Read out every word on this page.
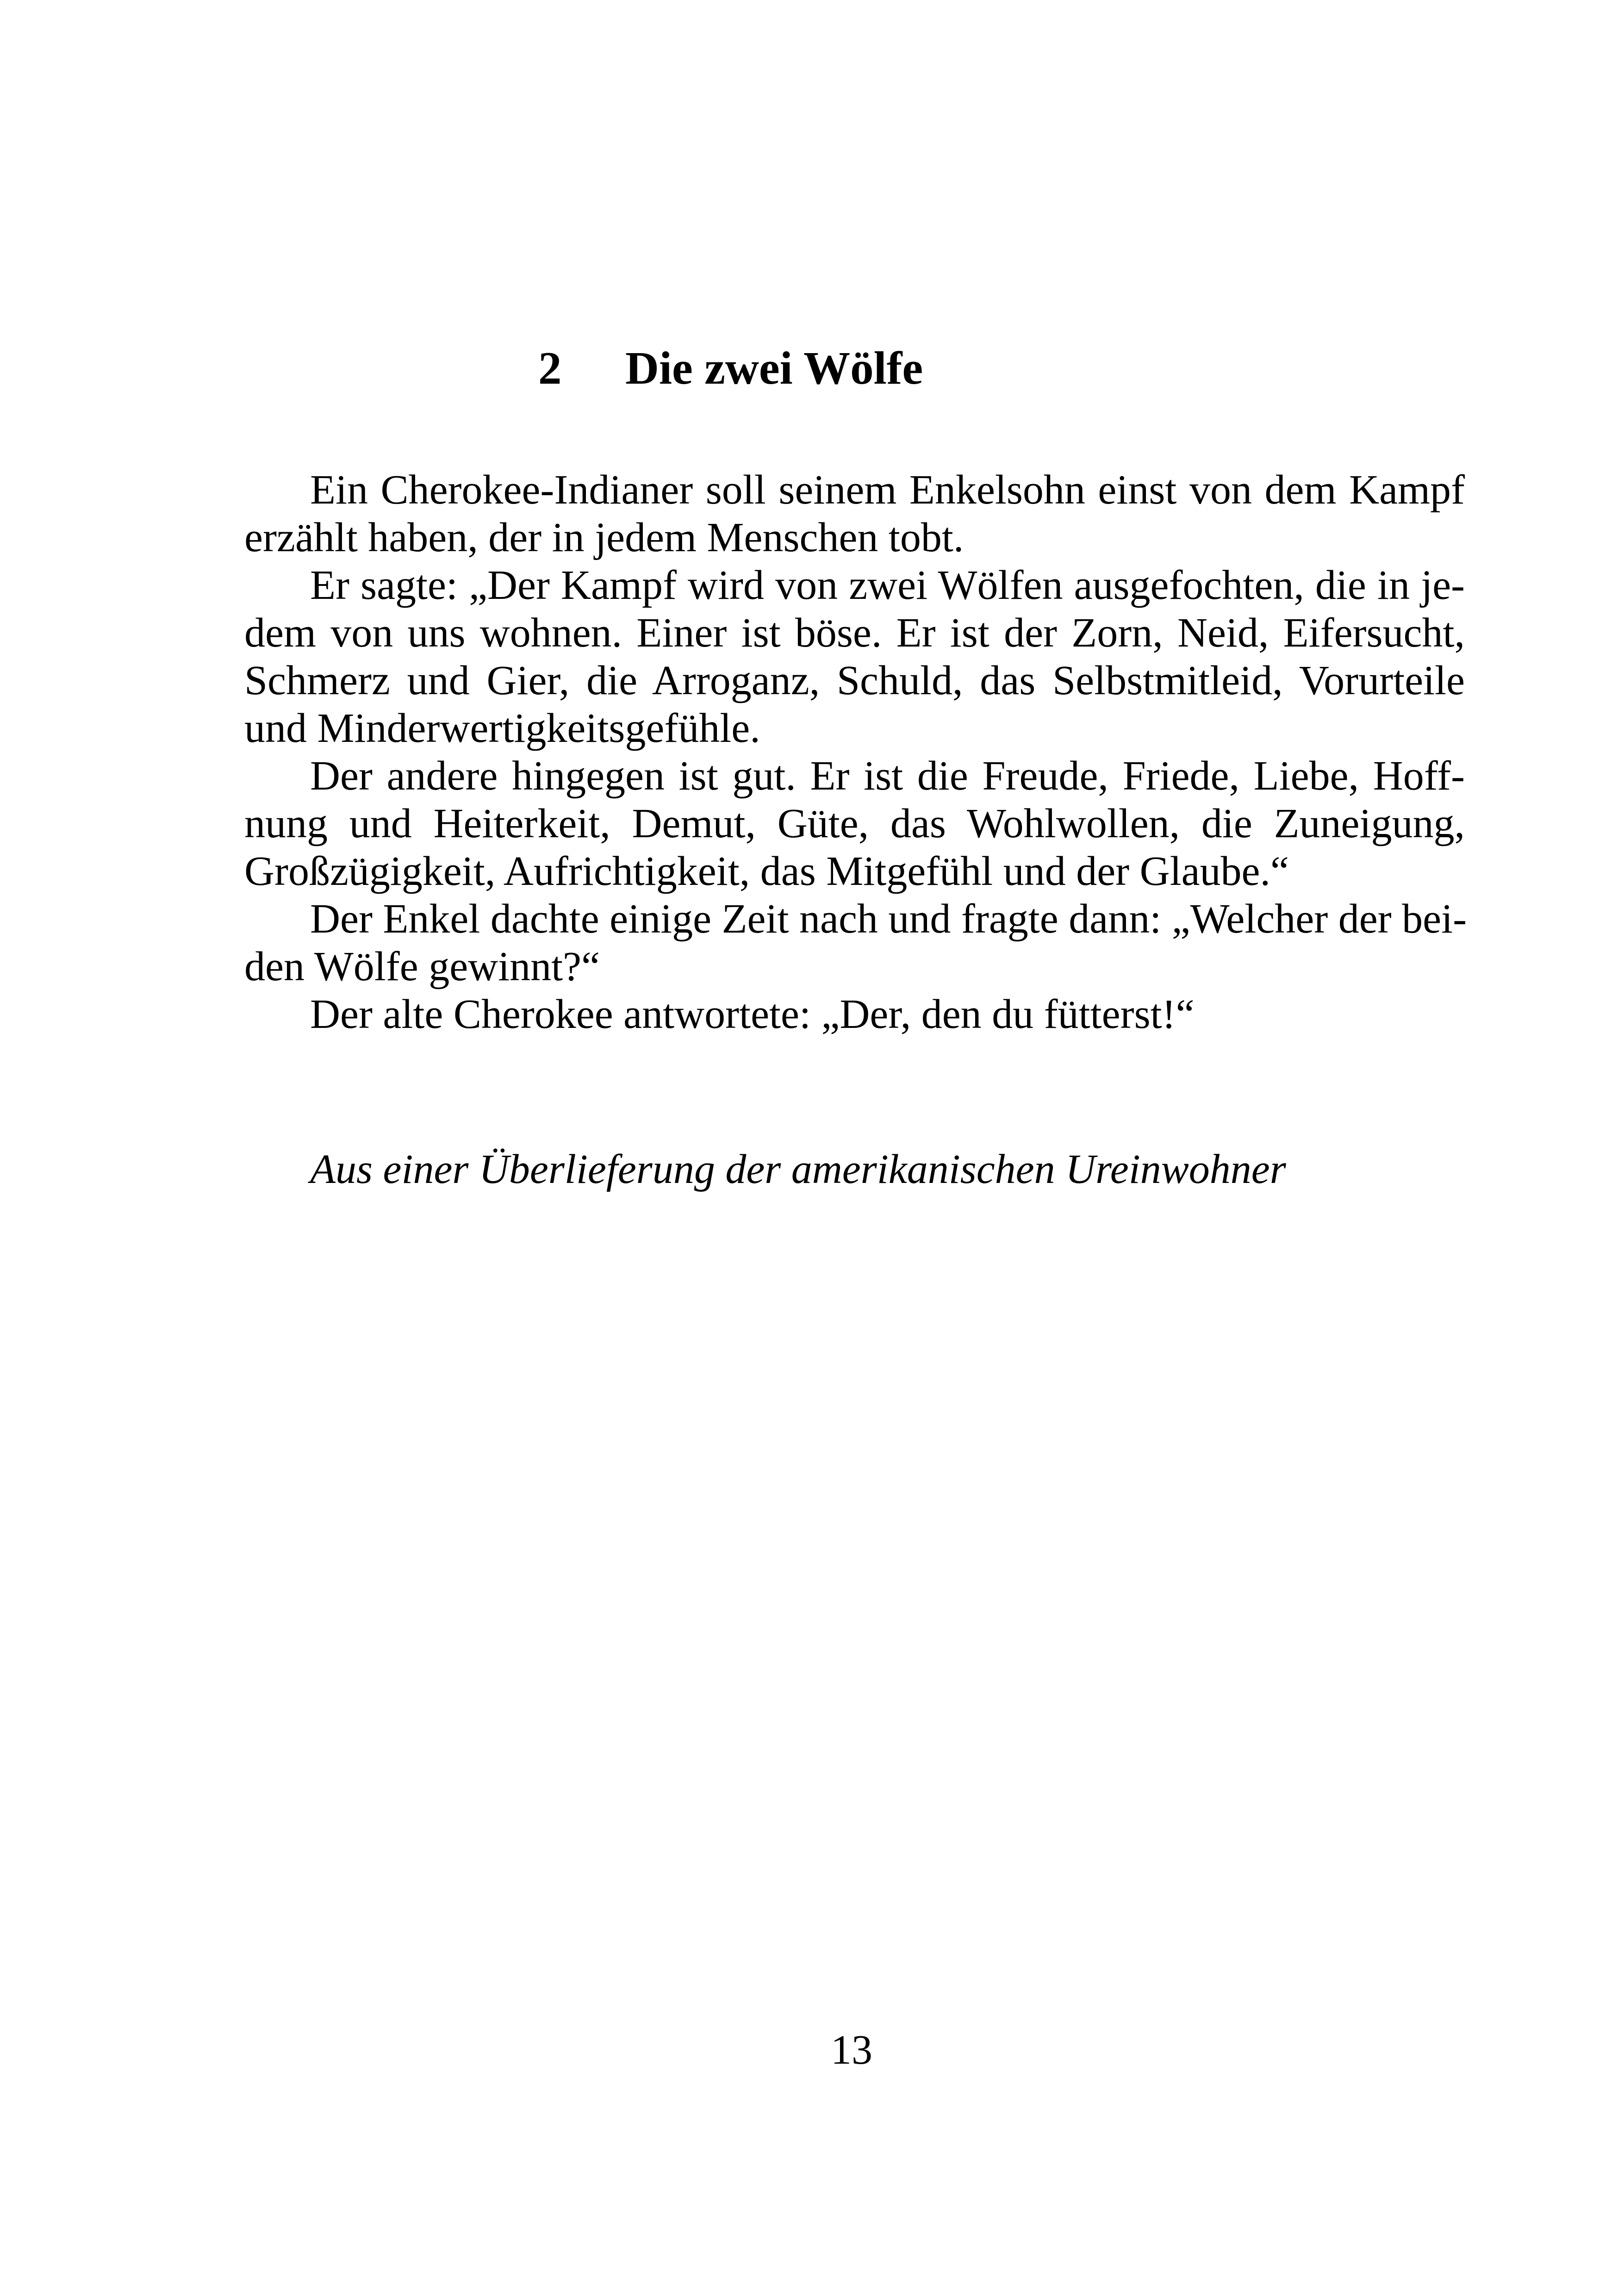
2 Die zwei Wölfe
Ein Cherokee-Indianer soll seinem Enkelsohn einst von dem Kampf
erzählt haben, der in jedem Menschen tobt.
Er sagte: „Der Kampf wird von zwei Wölfen ausgefochten, die in je-
dem von uns wohnen. Einer ist böse. Er ist der Zorn, Neid, Eifersucht,
Schmerz und Gier, die Arroganz, Schuld, das Selbstmitleid, Vorurteile
und Minderwertigkeitsgefühle.
Der andere hingegen ist gut. Er ist die Freude, Friede, Liebe, Hoff-
nung und Heiterkeit, Demut, Güte, das Wohlwollen, die Zuneigung,
Großzügigkeit, Aufrichtigkeit, das Mitgefühl und der Glaube.“
Der Enkel dachte einige Zeit nach und fragte dann: „Welcher der bei-
den Wölfe gewinnt?“
Der alte Cherokee antwortete: „Der, den du fütterst!“
Aus einer Überlieferung der amerikanischen Ureinwohner
13
